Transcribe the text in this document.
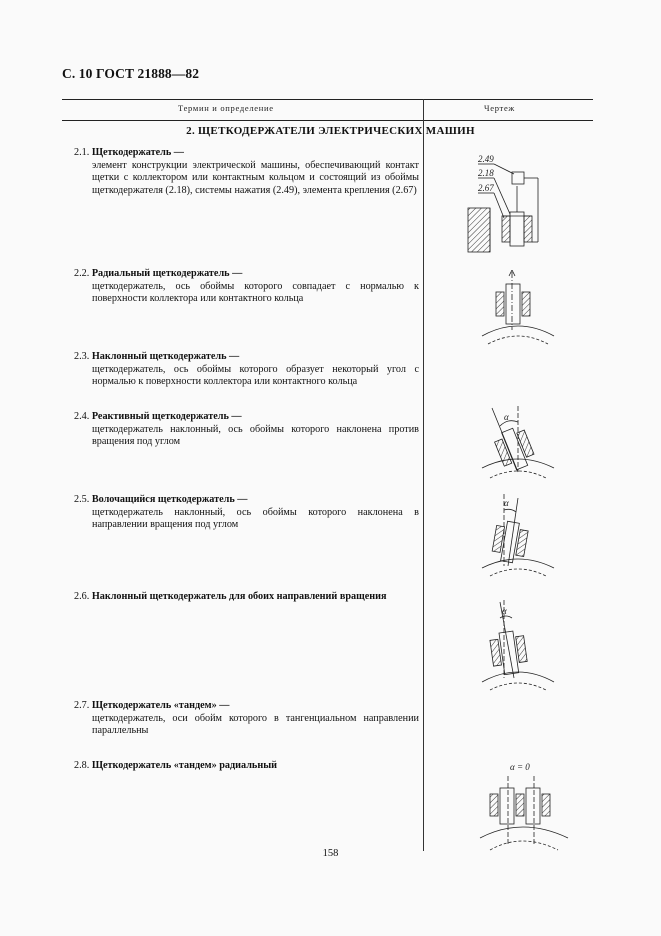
С. 10 ГОСТ 21888—82
Термин и определение	Чертеж
2. ЩЕТКОДЕРЖАТЕЛИ ЭЛЕКТРИЧЕСКИХ МАШИН
2.1. Щеткодержатель —
элемент конструкции электрической машины, обеспечивающий контакт щетки с коллектором или контактным кольцом и состоящий из обоймы щеткодержателя (2.18), системы нажатия (2.49), элемента крепления (2.67)
2.2. Радиальный щеткодержатель —
щеткодержатель, ось обоймы которого совпадает с нормалью к поверхности коллектора или контактного кольца
2.3. Наклонный щеткодержатель —
щеткодержатель, ось обоймы которого образует некоторый угол с нормалью к поверхности коллектора или контактного кольца
2.4. Реактивный щеткодержатель —
щеткодержатель наклонный, ось обоймы которого наклонена против вращения под углом
2.5. Волочащийся щеткодержатель —
щеткодержатель наклонный, ось обоймы которого наклонена в направлении вращения под углом
2.6. Наклонный щеткодержатель для обоих направлений вращения
2.7. Щеткодержатель «тандем» —
щеткодержатель, оси обойм которого в тангенциальном направлении параллельны
2.8. Щеткодержатель «тандем» радиальный
2.49
2.18
2.67
α
α
α
α = 0
158
